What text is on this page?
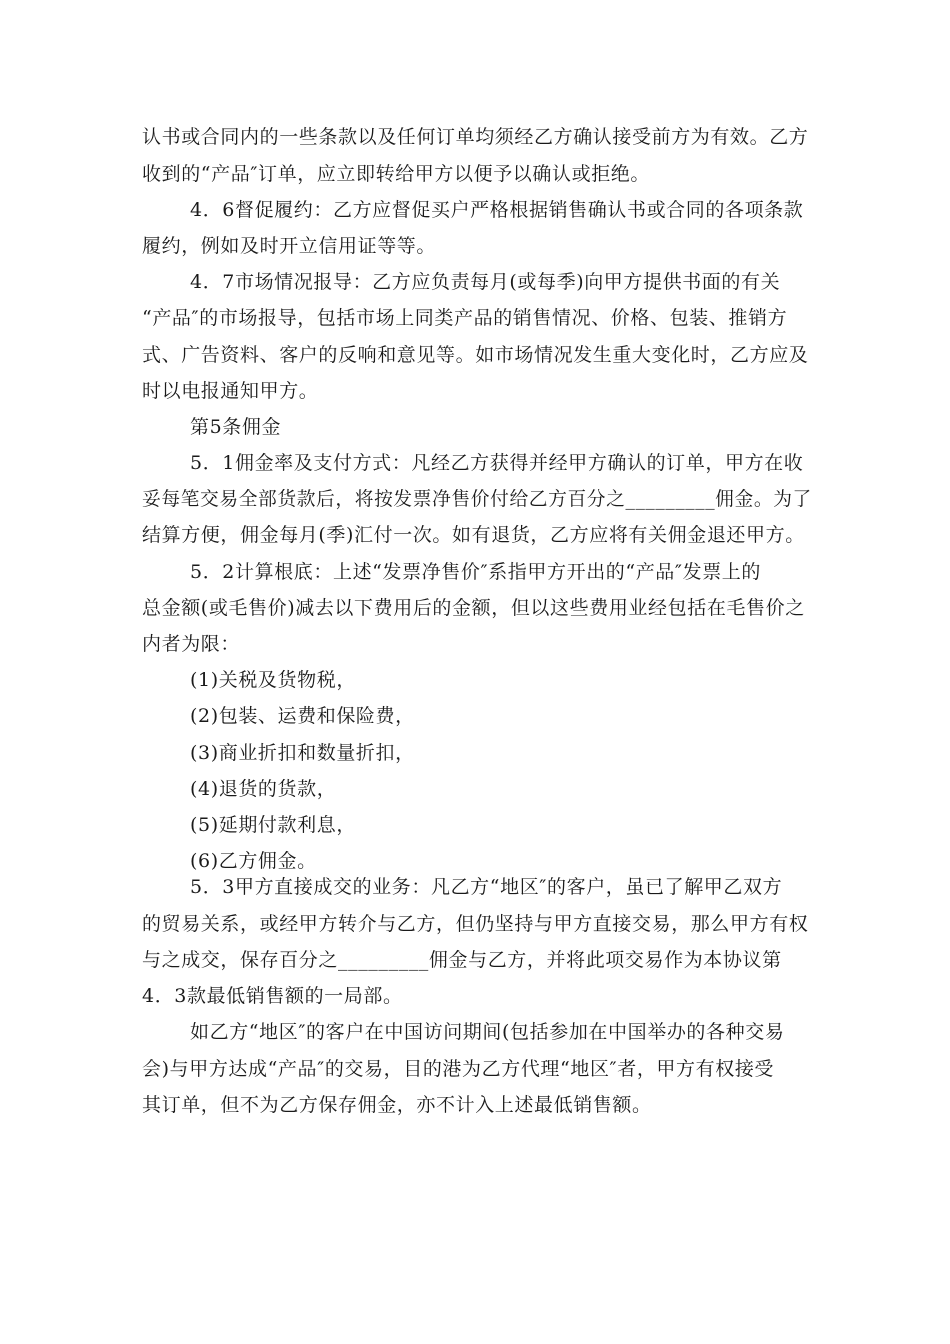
认书或合同内的一些条款以及任何订单均须经乙方确认接受前方为有效。乙方
收到的“产品″订单，应立即转给甲方以便予以确认或拒绝。
4．6督促履约：乙方应督促买户严格根据销售确认书或合同的各项条款
履约，例如及时开立信用证等等。
4．7市场情况报导：乙方应负责每月(或每季)向甲方提供书面的有关
“产品″的市场报导，包括市场上同类产品的销售情况、价格、包装、推销方
式、广告资料、客户的反响和意见等。如市场情况发生重大变化时，乙方应及
时以电报通知甲方。
第5条佣金
5．1佣金率及支付方式：凡经乙方获得并经甲方确认的订单，甲方在收
妥每笔交易全部货款后，将按发票净售价付给乙方百分之_________佣金。为了
结算方便，佣金每月(季)汇付一次。如有退货，乙方应将有关佣金退还甲方。
5．2计算根底：上述“发票净售价″系指甲方开出的“产品″发票上的
总金额(或毛售价)减去以下费用后的金额，但以这些费用业经包括在毛售价之
内者为限：
(1)关税及货物税，
(2)包装、运费和保险费，
(3)商业折扣和数量折扣，
(4)退货的货款，
(5)延期付款利息，
(6)乙方佣金。
5．3甲方直接成交的业务：凡乙方“地区″的客户，虽已了解甲乙双方
的贸易关系，或经甲方转介与乙方，但仍坚持与甲方直接交易，那么甲方有权
与之成交，保存百分之_________佣金与乙方，并将此项交易作为本协议第
4．3款最低销售额的一局部。
如乙方“地区″的客户在中国访问期间(包括参加在中国举办的各种交易
会)与甲方达成“产品″的交易，目的港为乙方代理“地区″者，甲方有权接受
其订单，但不为乙方保存佣金，亦不计入上述最低销售额。
